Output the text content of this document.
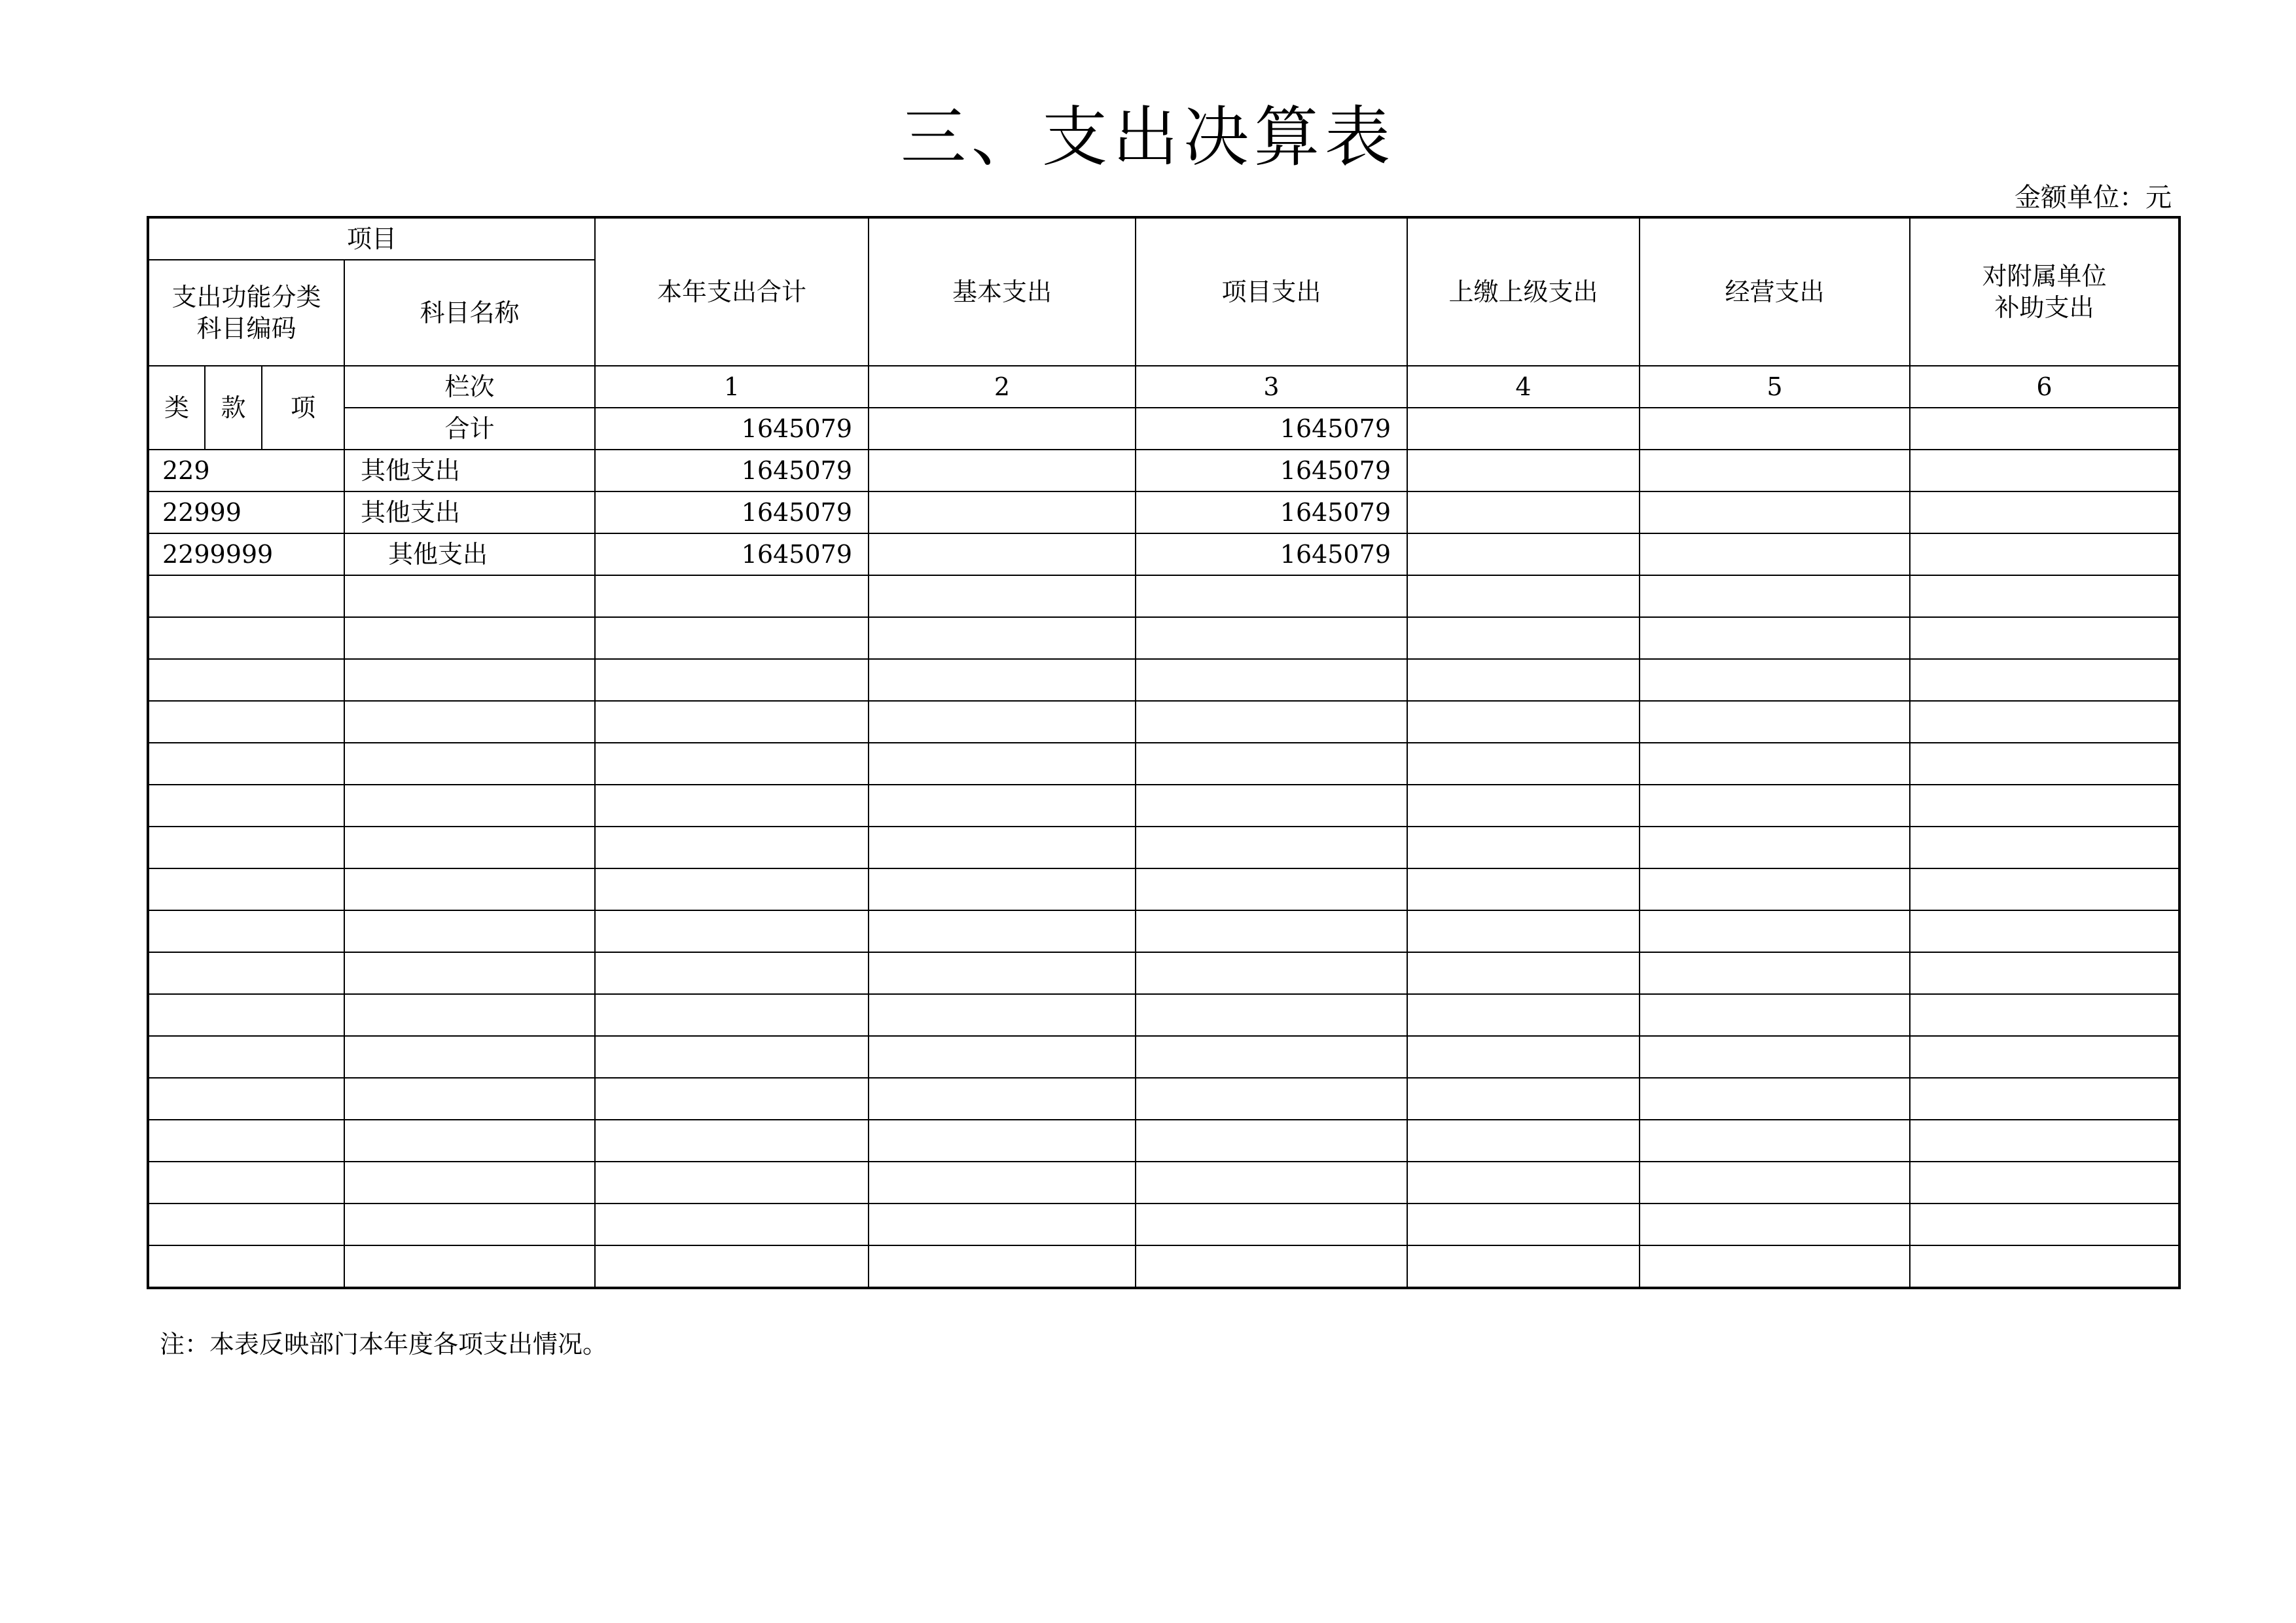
三、支出决算表
金额单位：元
项目				本年支出合计	基本支出	项目支出	上缴上级支出	经营支出	对附属单位
补助支出

支出功能分类
科目编码			科目名称						
类	款	项	栏次	1	2	3	4	5	6
			合计	1645079		1645079			
229			其他支出	1645079		1645079			
22999			其他支出	1645079		1645079			
2299999			其他支出	1645079		1645079			

注：本表反映部门本年度各项支出情况。
